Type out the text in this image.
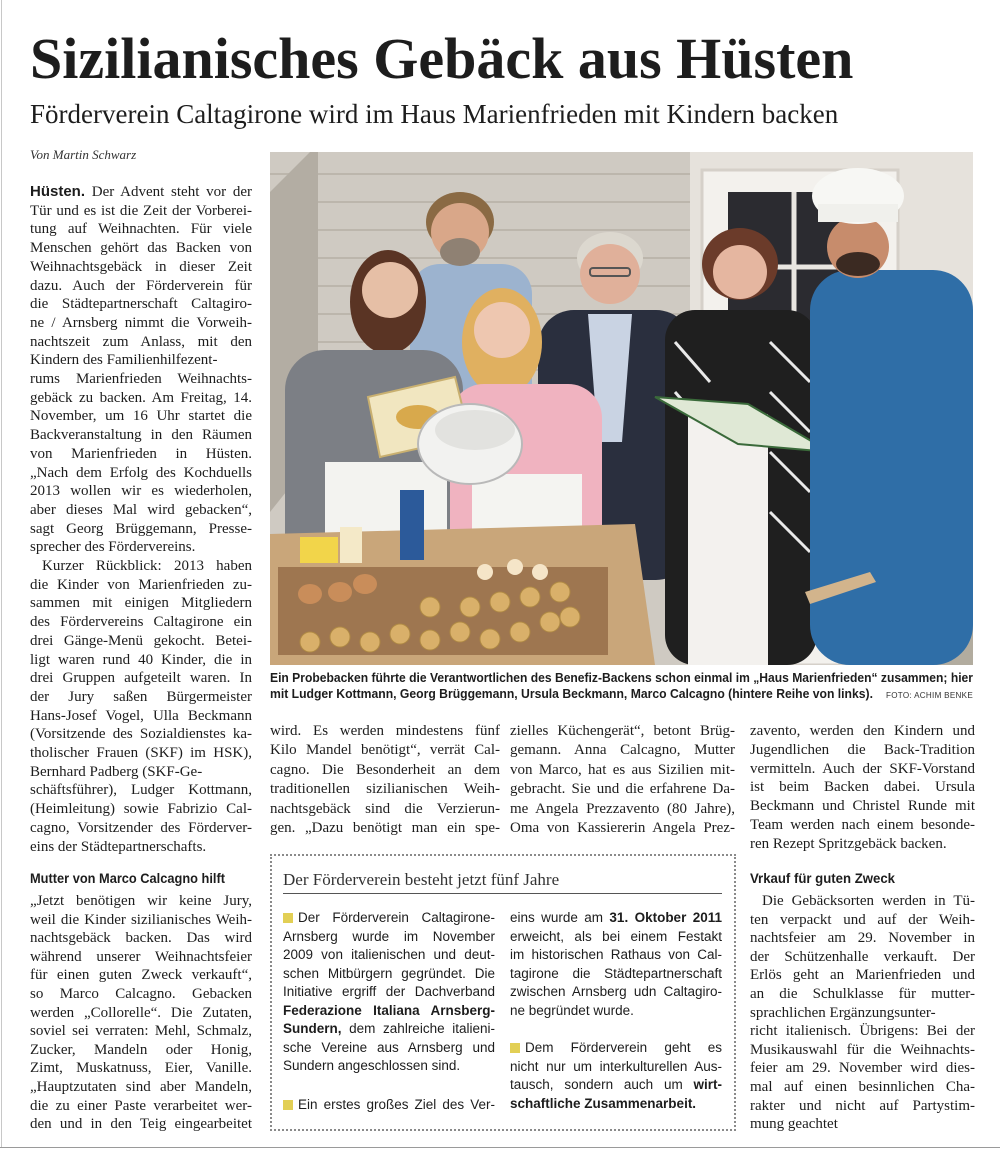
Sizilianisches Gebäck aus Hüsten
Förderverein Caltagirone wird im Haus Marienfrieden mit Kindern backen
Von Martin Schwarz
Ein Probebacken führte die Verantwortlichen des Benefiz-Backens schon einmal im „Haus Marienfrieden“ zusammen; hier
mit Ludger Kottmann, Georg Brüggemann, Ursula Beckmann, Marco Calcagno (hintere Reihe von links).	FOTO: ACHIM BENKE
Mutter von Marco Calcagno hilft	Vrkauf für guten Zweck
Der Förderverein besteht jetzt fünf Jahre
Hüsten. Der Advent steht vor der
Tür und es ist die Zeit der Vorberei-
tung auf Weihnachten. Für viele
Menschen gehört das Backen von
Weihnachtsgebäck in dieser Zeit
dazu. Auch der Förderverein für
die Städtepartnerschaft Caltagiro-
ne / Arnsberg nimmt die Vorweih-
nachtszeit zum Anlass, mit den
Kindern des Familienhilfezent-
rums Marienfrieden Weihnachts-
gebäck zu backen. Am Freitag, 14.
November, um 16 Uhr startet die
Backveranstaltung in den Räumen
von Marienfrieden in Hüsten.
„Nach dem Erfolg des Kochduells
2013 wollen wir es wiederholen,
aber dieses Mal wird gebacken“,
sagt Georg Brüggemann, Presse-
sprecher des Fördervereins.
Kurzer Rückblick: 2013 haben
die Kinder von Marienfrieden zu-
sammen mit einigen Mitgliedern
des Fördervereins Caltagirone ein
drei Gänge-Menü gekocht. Betei-
ligt waren rund 40 Kinder, die in
drei Gruppen aufgeteilt waren. In
der Jury saßen Bürgermeister
Hans-Josef Vogel, Ulla Beckmann
(Vorsitzende des Sozialdienstes ka-
tholischer Frauen (SKF) im HSK),
Bernhard Padberg (SKF-Ge-
schäftsführer), Ludger Kottmann,
(Heimleitung) sowie Fabrizio Cal-
cagno, Vorsitzender des Förderver-
eins der Städtepartnerschafts.
„Jetzt benötigen wir keine Jury,
weil die Kinder sizilianisches Weih-
nachtsgebäck backen. Das wird
während unserer Weihnachtsfeier
für einen guten Zweck verkauft“,
so Marco Calcagno. Gebacken
werden „Collorelle“. Die Zutaten,
soviel sei verraten: Mehl, Schmalz,
Zucker, Mandeln oder Honig,
Zimt, Muskatnuss, Eier, Vanille.
„Hauptzutaten sind aber Mandeln,
die zu einer Paste verarbeitet wer-
den und in den Teig eingearbeitet
wird. Es werden mindestens fünf
Kilo Mandel benötigt“, verrät Cal-
cagno. Die Besonderheit an dem
traditionellen sizilianischen Weih-
nachtsgebäck sind die Verzierun-
gen. „Dazu benötigt man ein spe-
zielles Küchengerät“, betont Brüg-
gemann. Anna Calcagno, Mutter
von Marco, hat es aus Sizilien mit-
gebracht. Sie und die erfahrene Da-
me Angela Prezzavento (80 Jahre),
Oma von Kassiererin Angela Prez-
zavento, werden den Kindern und
Jugendlichen die Back-Tradition
vermitteln. Auch der SKF-Vorstand
ist beim Backen dabei. Ursula
Beckmann und Christel Runde mit
Team werden nach einem besonde-
ren Rezept Spritzgebäck backen.
Die Gebäcksorten werden in Tü-
ten verpackt und auf der Weih-
nachtsfeier am 29. November in
der Schützenhalle verkauft. Der
Erlös geht an Marienfrieden und
an die Schulklasse für mutter-
sprachlichen Ergänzungsunter-
richt italienisch. Übrigens: Bei der
Musikauswahl für die Weihnachts-
feier am 29. November wird dies-
mal auf einen besinnlichen Cha-
rakter und nicht auf Partystim-
mung geachtet
Der Förderverein Caltagirone-
Arnsberg wurde im November
2009 von italienischen und deut-
schen Mitbürgern gegründet. Die
Initiative ergriff der Dachverband
Federazione Italiana Arnsberg-
Sundern, dem zahlreiche italieni-
sche Vereine aus Arnsberg und
Sundern angeschlossen sind.
Ein erstes großes Ziel des Ver-
eins wurde am 31. Oktober 2011
erweicht, als bei einem Festakt
im historischen Rathaus von Cal-
tagirone die Städtepartnerschaft
zwischen Arnsberg udn Caltagiro-
ne begründet wurde.
Dem Förderverein geht es
nicht nur um interkulturellen Aus-
tausch, sondern auch um wirt-
schaftliche Zusammenarbeit.
